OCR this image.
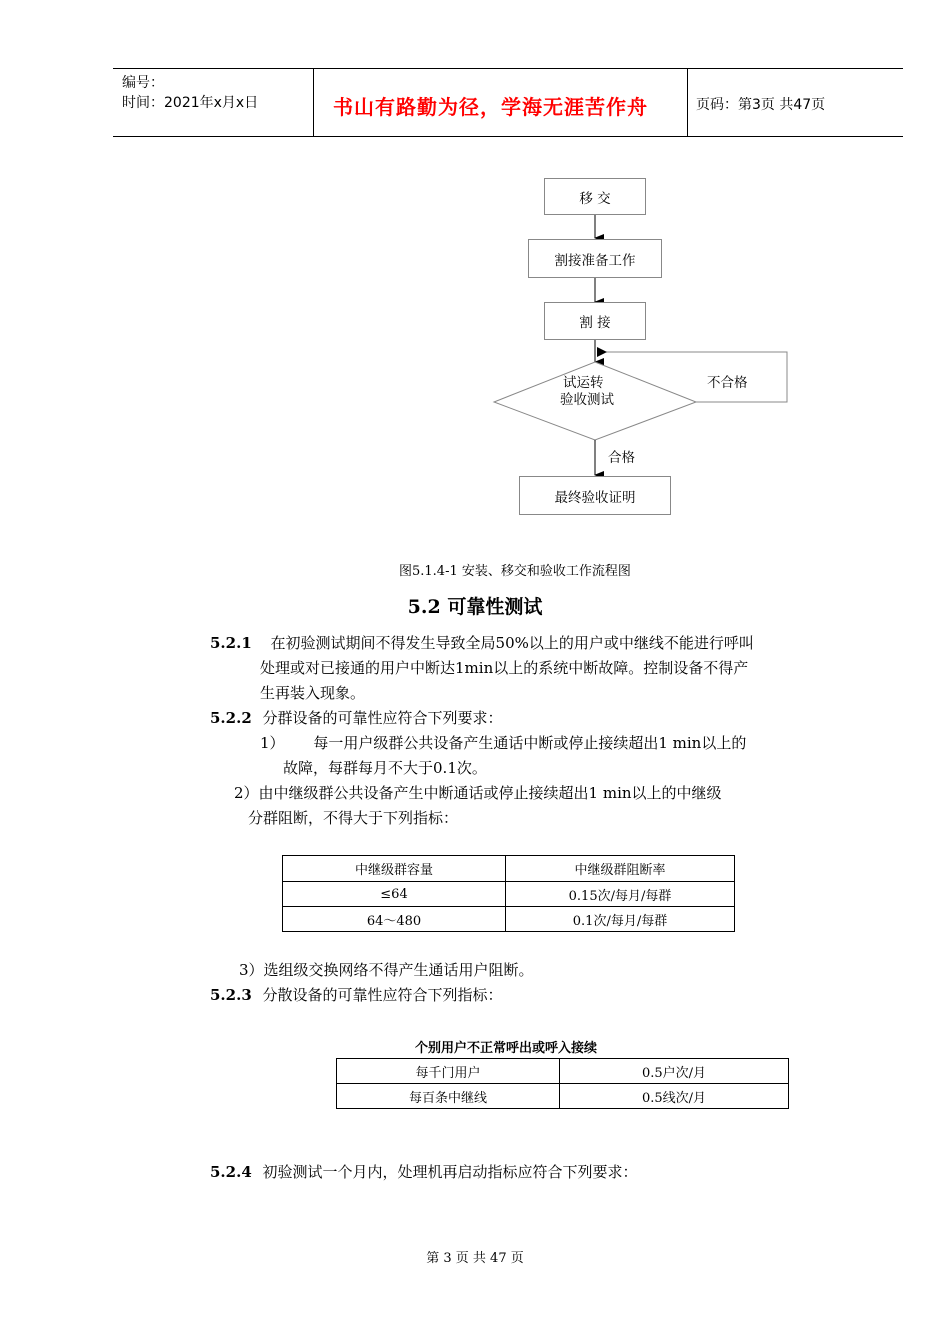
编号：
时间：2021年x月x日	书山有路勤为径，学海无涯苦作舟	页码：第3页 共47页
移 交
割接准备工作
割 接
试运转
验收测试
不合格
合格
最终验收证明
图5.1.4-1 安装、移交和验收工作流程图
5.2 可靠性测试
5.2.1 在初验测试期间不得发生导致全局50%以上的用户或中继线不能进行呼叫
处理或对已接通的用户中断达1min以上的系统中断故障。控制设备不得产
生再装入现象。
5.2.2 分群设备的可靠性应符合下列要求：
1） 每一用户级群公共设备产生通话中断或停止接续超出1 min以上的
故障，每群每月不大于0.1次。
2）由中继级群公共设备产生中断通话或停止接续超出1 min以上的中继级
分群阻断，不得大于下列指标：
中继级群容量	中继级群阻断率
≤64	0.15次/每月/每群
64～480	0.1次/每月/每群
3）选组级交换网络不得产生通话用户阻断。
5.2.3 分散设备的可靠性应符合下列指标：
个别用户不正常呼出或呼入接续
每千门用户	0.5户次/月
每百条中继线	0.5线次/月
5.2.4 初验测试一个月内，处理机再启动指标应符合下列要求：
第 3 页 共 47 页
